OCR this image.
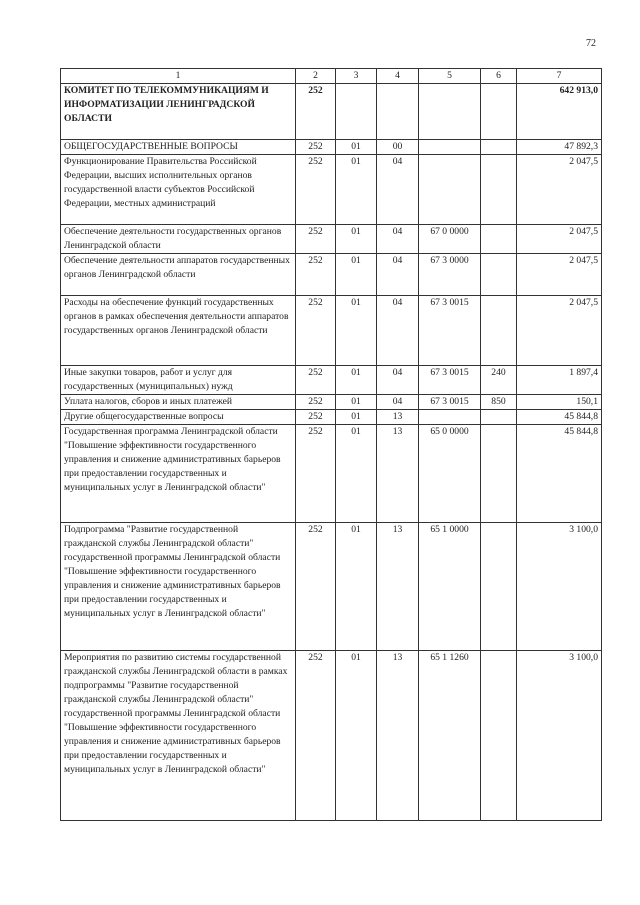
72
1	2	3	4	5	6	7
КОМИТЕТ ПО ТЕЛЕКОММУНИКАЦИЯМ И ИНФОРМАТИЗАЦИИ ЛЕНИНГРАДСКОЙ ОБЛАСТИ	252					642 913,0
ОБЩЕГОСУДАРСТВЕННЫЕ ВОПРОСЫ	252	01	00			47 892,3
Функционирование Правительства Российской Федерации, высших исполнительных органов государственной власти субъектов Российской Федерации, местных администраций	252	01	04			2 047,5
Обеспечение деятельности государственных органов Ленинградской области	252	01	04	67 0 0000		2 047,5
Обеспечение деятельности аппаратов государственных органов Ленинградской области	252	01	04	67 3 0000		2 047,5
Расходы на обеспечение функций государственных органов в рамках обеспечения деятельности аппаратов государственных органов Ленинградской области	252	01	04	67 3 0015		2 047,5
Иные закупки товаров, работ и услуг для государственных (муниципальных) нужд	252	01	04	67 3 0015	240	1 897,4
Уплата налогов, сборов и иных платежей	252	01	04	67 3 0015	850	150,1
Другие общегосударственные вопросы	252	01	13			45 844,8
Государственная программа Ленинградской области "Повышение эффективности государственного управления и снижение административных барьеров при предоставлении государственных и муниципальных услуг в Ленинградской области"	252	01	13	65 0 0000		45 844,8
Подпрограмма "Развитие государственной гражданской службы Ленинградской области" государственной программы Ленинградской области "Повышение эффективности государственного управления и снижение административных барьеров при предоставлении государственных и муниципальных услуг в Ленинградской области"	252	01	13	65 1 0000		3 100,0
Мероприятия по развитию системы государственной гражданской службы Ленинградской области в рамках подпрограммы "Развитие государственной гражданской службы Ленинградской области" государственной программы Ленинградской области "Повышение эффективности государственного управления и снижение административных барьеров при предоставлении государственных и муниципальных услуг в Ленинградской области"	252	01	13	65 1 1260		3 100,0
